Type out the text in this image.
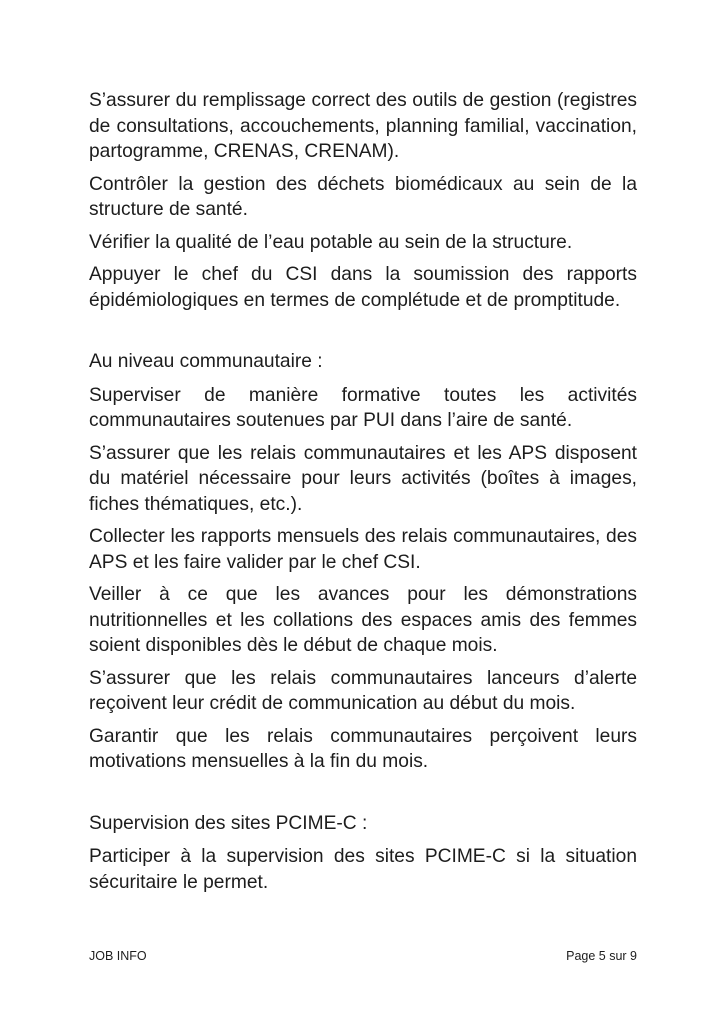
S’assurer du remplissage correct des outils de gestion (registres de consultations, accouchements, planning familial, vaccination, partogramme, CRENAS, CRENAM).

Contrôler la gestion des déchets biomédicaux au sein de la structure de santé.

Vérifier la qualité de l’eau potable au sein de la structure.

Appuyer le chef du CSI dans la soumission des rapports épidémiologiques en termes de complétude et de promptitude.

Au niveau communautaire :

Superviser de manière formative toutes les activités communautaires soutenues par PUI dans l’aire de santé.

S’assurer que les relais communautaires et les APS disposent du matériel nécessaire pour leurs activités (boîtes à images, fiches thématiques, etc.).

Collecter les rapports mensuels des relais communautaires, des APS et les faire valider par le chef CSI.

Veiller à ce que les avances pour les démonstrations nutritionnelles et les collations des espaces amis des femmes soient disponibles dès le début de chaque mois.

S’assurer que les relais communautaires lanceurs d’alerte reçoivent leur crédit de communication au début du mois.

Garantir que les relais communautaires perçoivent leurs motivations mensuelles à la fin du mois.

Supervision des sites PCIME-C :

Participer à la supervision des sites PCIME-C si la situation sécuritaire le permet.

JOB INFO	Page 5 sur 9
